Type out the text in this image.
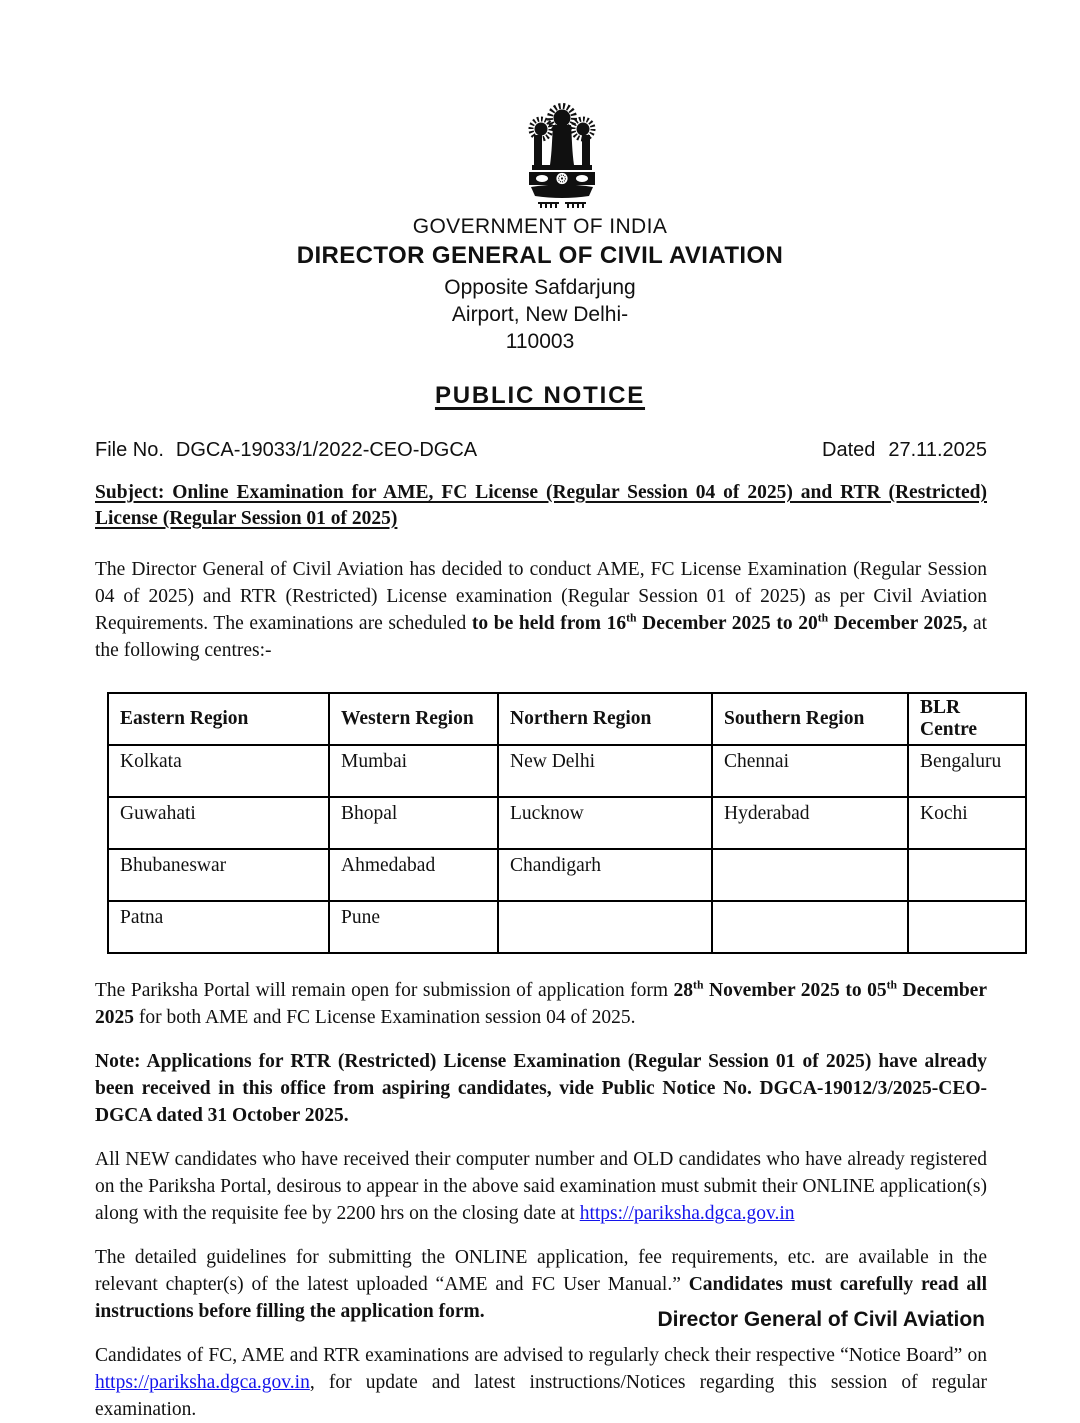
GOVERNMENT OF INDIA
DIRECTOR GENERAL OF CIVIL AVIATION
Opposite Safdarjung
Airport, New Delhi-
110003
PUBLIC NOTICE
File No. DGCA-19033/1/2022-CEO-DGCA	Dated 27.11.2025
Subject: Online Examination for AME, FC License (Regular Session 04 of 2025) and RTR (Restricted)
License (Regular Session 01 of 2025)

The Director General of Civil Aviation has decided to conduct AME, FC License Examination (Regular Session 04 of 2025) and RTR (Restricted) License examination (Regular Session 01 of 2025) as per Civil Aviation Requirements. The examinations are scheduled to be held from 16th December 2025 to 20th December 2025, at the following centres:-

Eastern Region	Western Region	Northern Region	Southern Region	BLR Centre
Kolkata	Mumbai	New Delhi	Chennai	Bengaluru
Guwahati	Bhopal	Lucknow	Hyderabad	Kochi
Bhubaneswar	Ahmedabad	Chandigarh		
Patna	Pune			

The Pariksha Portal will remain open for submission of application form 28th November 2025 to 05th December 2025 for both AME and FC License Examination session 04 of 2025.

Note: Applications for RTR (Restricted) License Examination (Regular Session 01 of 2025) have already been received in this office from aspiring candidates, vide Public Notice No. DGCA-19012/3/2025-CEO-DGCA dated 31 October 2025.

All NEW candidates who have received their computer number and OLD candidates who have already registered on the Pariksha Portal, desirous to appear in the above said examination must submit their ONLINE application(s) along with the requisite fee by 2200 hrs on the closing date at https://pariksha.dgca.gov.in

The detailed guidelines for submitting the ONLINE application, fee requirements, etc. are available in the relevant chapter(s) of the latest uploaded “AME and FC User Manual.” Candidates must carefully read all instructions before filling the application form.

Candidates of FC, AME and RTR examinations are advised to regularly check their respective “Notice Board” on https://pariksha.dgca.gov.in, for update and latest instructions/Notices regarding this session of regular examination.

Director General of Civil Aviation
